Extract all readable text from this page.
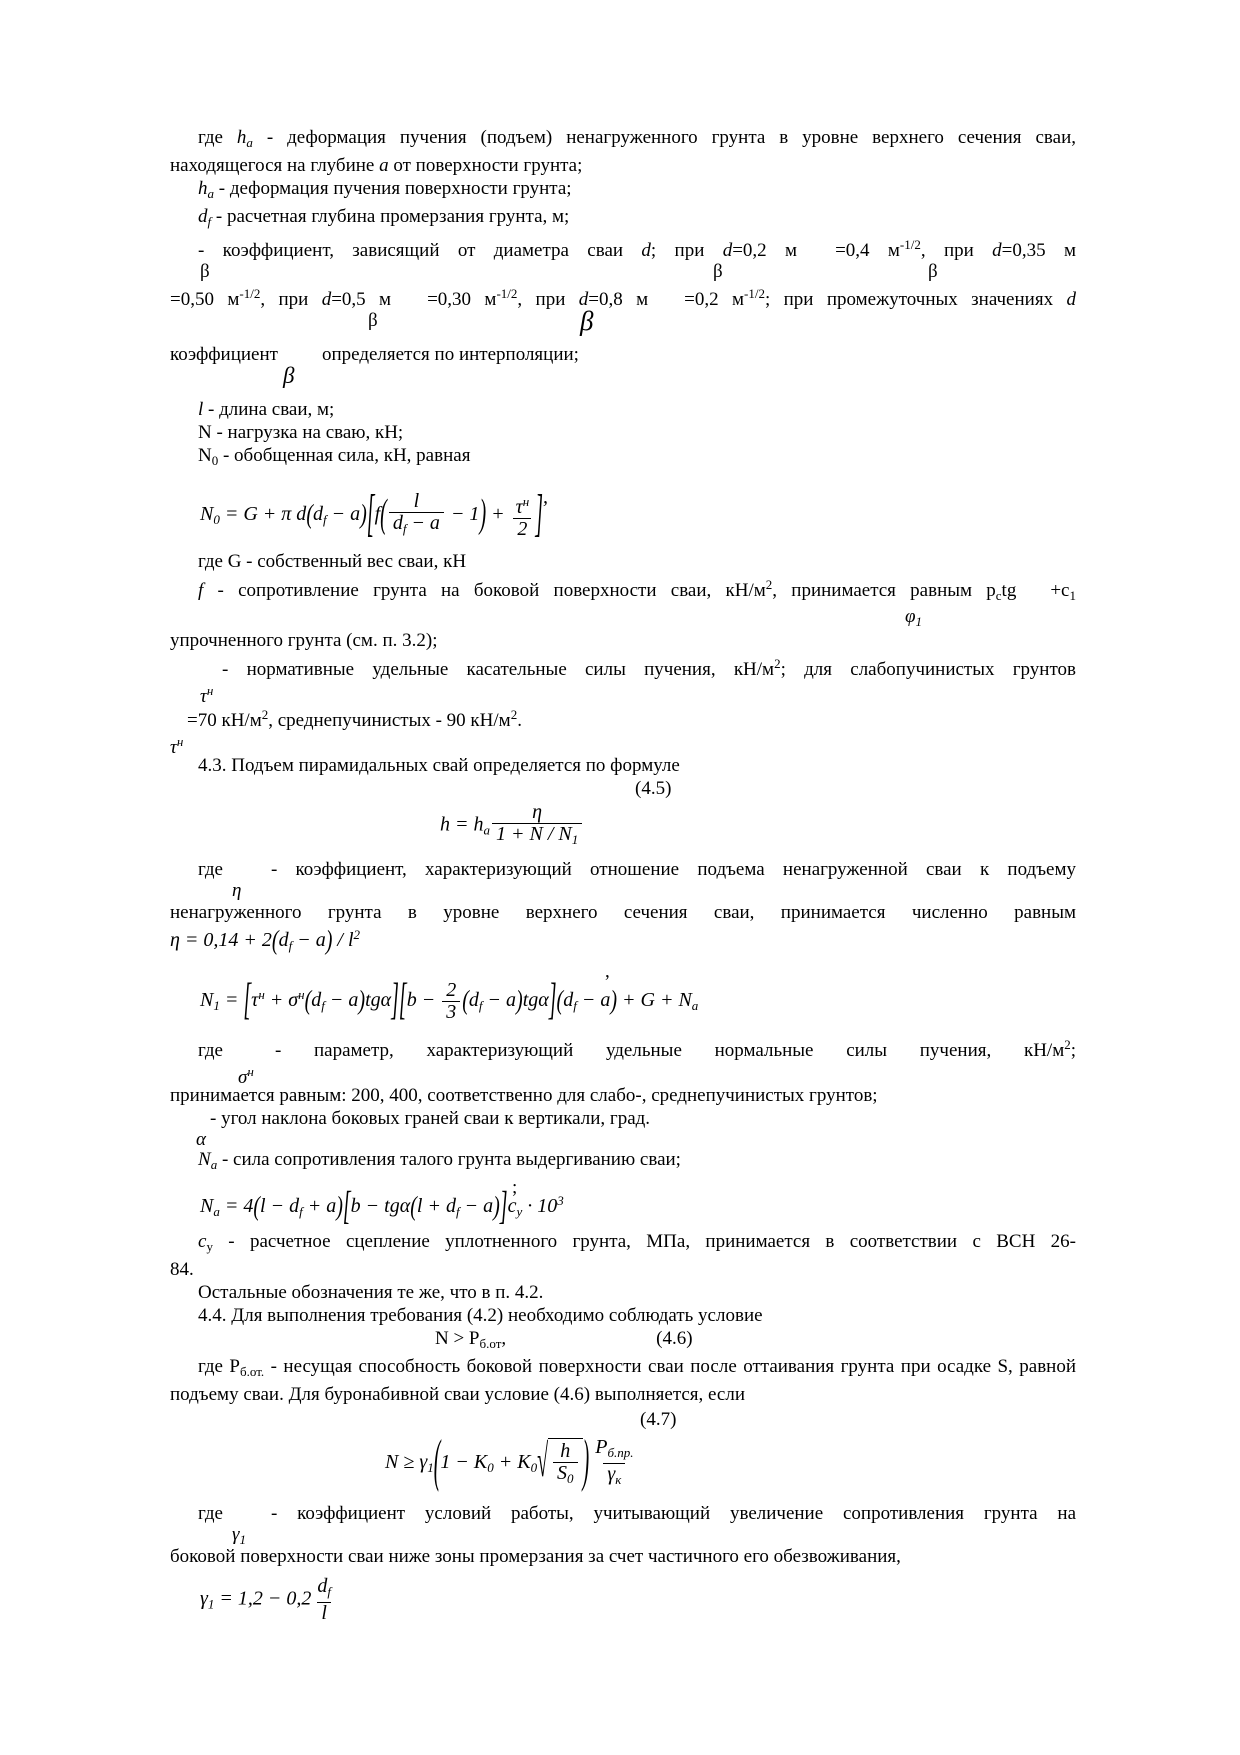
где $h_a$ - деформация пучения (подъем) ненагруженного грунта в уровне верхнего сечения сваи, находящегося на глубине a от поверхности грунта;

$h_a$ - деформация пучения поверхности грунта;

$d_f$ - расчетная глубина промерзания грунта, м;

- коэффициент, зависящий от диаметра сваи d; при d=0,2 м =0,4 $м^{-1/2}$, при d=0,35 м
β	β	β
=0,50 $м^{-1/2}$, при d=0,5 м =0,30 $м^{-1/2}$, при d=0,8 м =0,2 $м^{-1/2}$; при промежуточных значениях d
β	β
коэффициент определяется по интерполяции;
β

l - длина сваи, м;

N - нагрузка на сваю, кН;

$N_0$ - обобщенная сила, кН, равная

$N_0 = G + \pi$ $d(d_f - a)[f( \frac{l}{d_f - a} - 1) + \frac{\tau^н}{2}$ ],

где G - собственный вес сваи, кН

f - сопротивление грунта на боковой поверхности сваи, $кН/м^2$, принимается равным $p_ctg +c_1$
$\varphi_1$

упрочненного грунта (см. п. 3.2);

- нормативные удельные касательные силы пучения, $кН/м^2$; для слабопучинистых грунтов
$\tau^н$
=70 $кН/м^2$, среднепучинистых - 90 $кН/м^2$.
$\tau^н$

4.3. Подъем пирамидальных свай определяется по формуле

(4.5)
$h = h_a \frac{\eta}{1 + N / N_1}$
где	- коэффициент, характеризующий отношение подъема ненагруженной сваи к подъему
η
ненагруженного грунта в уровне верхнего сечения сваи, принимается численно равным
$\eta = 0,14 + 2(d_f - a) / l^2$
,
$N_1 = [\tau^н + \sigma^н(d_f - a)tg\alpha][b - \frac{2}{3} (d_f - a)tg\alpha](d_f - a) + G + N_a$
где	- параметр, характеризующий удельные нормальные силы пучения, $кН/м^2$;
$\sigma^н$
принимается равным: 200, 400, соответственно для слабо-, среднепучинистых грунтов;
- угол наклона боковых граней сваи к вертикали, град.
α

$N_a$ - сила сопротивления талого грунта выдергиванию сваи;

;
$N_a = 4(l - d_f + a)[b - tg\alpha(l + d_f - a)]c_у \cdot 10^3$
$c_у$ - расчетное сцепление уплотненного грунта, МПа, принимается в соответствии с ВСН 26-
84.

Остальные обозначения те же, что в п. 4.2.

4.4. Для выполнения требования (4.2) необходимо соблюдать условие

$N > P_{б.от}$,	(4.6)

где $P_{б.от.}$ - несущая способность боковой поверхности сваи после оттаивания грунта при осадке S, равной подъему сваи. Для буронабивной сваи условие (4.6) выполняется, если

(4.7)
$N \ge \gamma_1(1 - K_0 + K_0$ √ $\frac{h}{S_0}$ ) $\frac{P_{б.пр.}}{\gamma_к}$
где	- коэффициент условий работы, учитывающий увеличение сопротивления грунта на
$\gamma_1$
боковой поверхности сваи ниже зоны промерзания за счет частичного его обезвоживания,
$\gamma_1 = 1,2 - 0,2 \frac{d_f}{l}$
